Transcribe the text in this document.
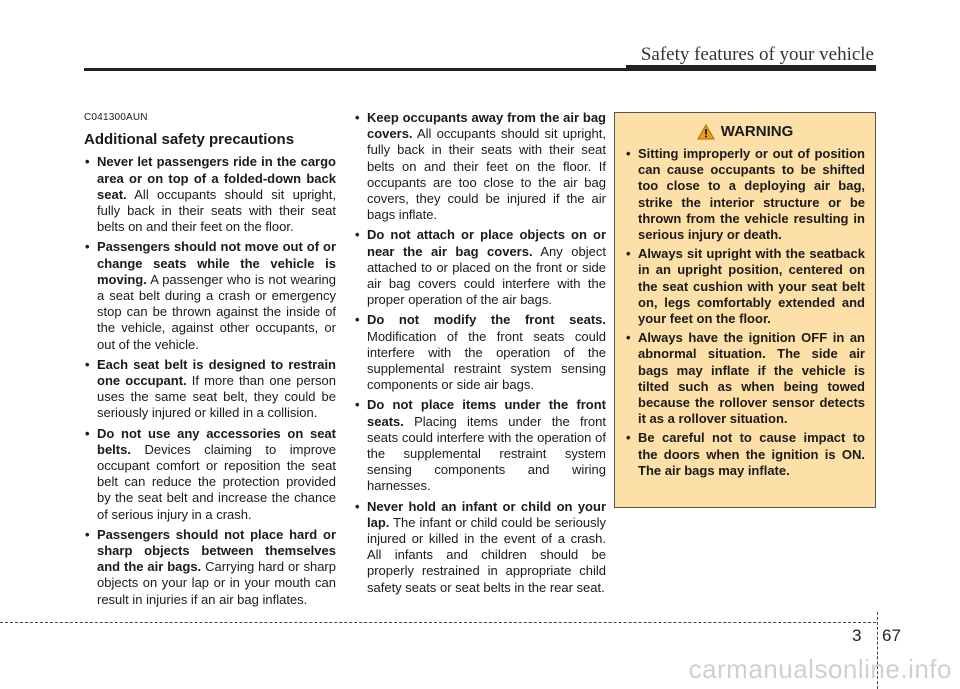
Safety features of your vehicle
C041300AUN
Additional safety precautions
• Never let passengers ride in the cargo area or on top of a folded-down back seat. All occupants should sit upright, fully back in their seats with their seat belts on and their feet on the floor.
• Passengers should not move out of or change seats while the vehicle is moving. A passenger who is not wearing a seat belt during a crash or emergency stop can be thrown against the inside of the vehicle, against other occupants, or out of the vehicle.
• Each seat belt is designed to restrain one occupant. If more than one person uses the same seat belt, they could be seriously injured or killed in a collision.
• Do not use any accessories on seat belts. Devices claiming to improve occupant comfort or reposition the seat belt can reduce the protection provided by the seat belt and increase the chance of serious injury in a crash.
• Passengers should not place hard or sharp objects between themselves and the air bags. Carrying hard or sharp objects on your lap or in your mouth can result in injuries if an air bag inflates.
• Keep occupants away from the air bag covers. All occupants should sit upright, fully back in their seats with their seat belts on and their feet on the floor. If occupants are too close to the air bag covers, they could be injured if the air bags inflate.
• Do not attach or place objects on or near the air bag covers. Any object attached to or placed on the front or side air bag covers could interfere with the proper operation of the air bags.
• Do not modify the front seats. Modification of the front seats could interfere with the operation of the supplemental restraint system sensing components or side air bags.
• Do not place items under the front seats. Placing items under the front seats could interfere with the operation of the supplemental restraint system sensing components and wiring harnesses.
• Never hold an infant or child on your lap. The infant or child could be seriously injured or killed in the event of a crash. All infants and children should be properly restrained in appropriate child safety seats or seat belts in the rear seat.
WARNING
• Sitting improperly or out of position can cause occupants to be shifted too close to a deploying air bag, strike the interior structure or be thrown from the vehicle resulting in serious injury or death.
• Always sit upright with the seatback in an upright position, centered on the seat cushion with your seat belt on, legs comfortably extended and your feet on the floor.
• Always have the ignition OFF in an abnormal situation. The side air bags may inflate if the vehicle is tilted such as when being towed because the rollover sensor detects it as a rollover situation.
• Be careful not to cause impact to the doors when the ignition is ON. The air bags may inflate.
3 67
carmanualsonline.info
